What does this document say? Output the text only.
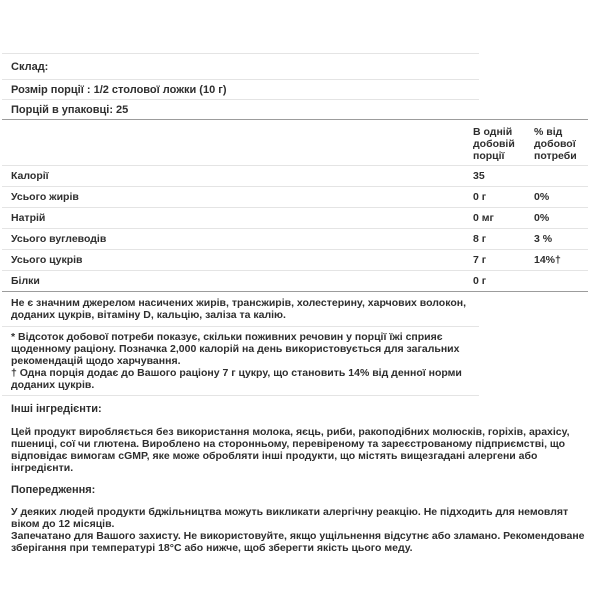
Склад:
Розмір порції : 1/2 столової ложки (10 г)
Порцій в упаковці: 25
В одній добовій порції
% від добової потреби
Калорії	35
Усього жирів	0 г	0%
Натрій	0 мг	0%
Усього вуглеводів	8 г	3 %
Усього цукрів	7 г	14%†
Білки	0 г
Не є значним джерелом насичених жирів, трансжирів, холестерину, харчових волокон, доданих цукрів, вітаміну D, кальцію, заліза та калію.
* Відсоток добової потреби показує, скільки поживних речовин у порції їжі сприяє щоденному раціону. Позначка 2,000 калорій на день використовується для загальних рекомендацій щодо харчування.
† Одна порція додає до Вашого раціону 7 г цукру, що становить 14% від денної норми доданих цукрів.
Інші інгредієнти:
Цей продукт виробляється без використання молока, яєць, риби, ракоподібних молюсків, горіхів, арахісу, пшениці, сої чи глютена. Вироблено на сторонньому, перевіреному та зареєстрованому підприємстві, що відповідає вимогам cGMP, яке може обробляти інші продукти, що містять вищезгадані алергени або інгредієнти.
Попередження:
У деяких людей продукти бджільництва можуть викликати алергічну реакцію. Не підходить для немовлят віком до 12 місяців.
Запечатано для Вашого захисту. Не використовуйте, якщо ущільнення відсутнє або зламано. Рекомендоване зберігання при температурі 18°C або нижче, щоб зберегти якість цього меду.
